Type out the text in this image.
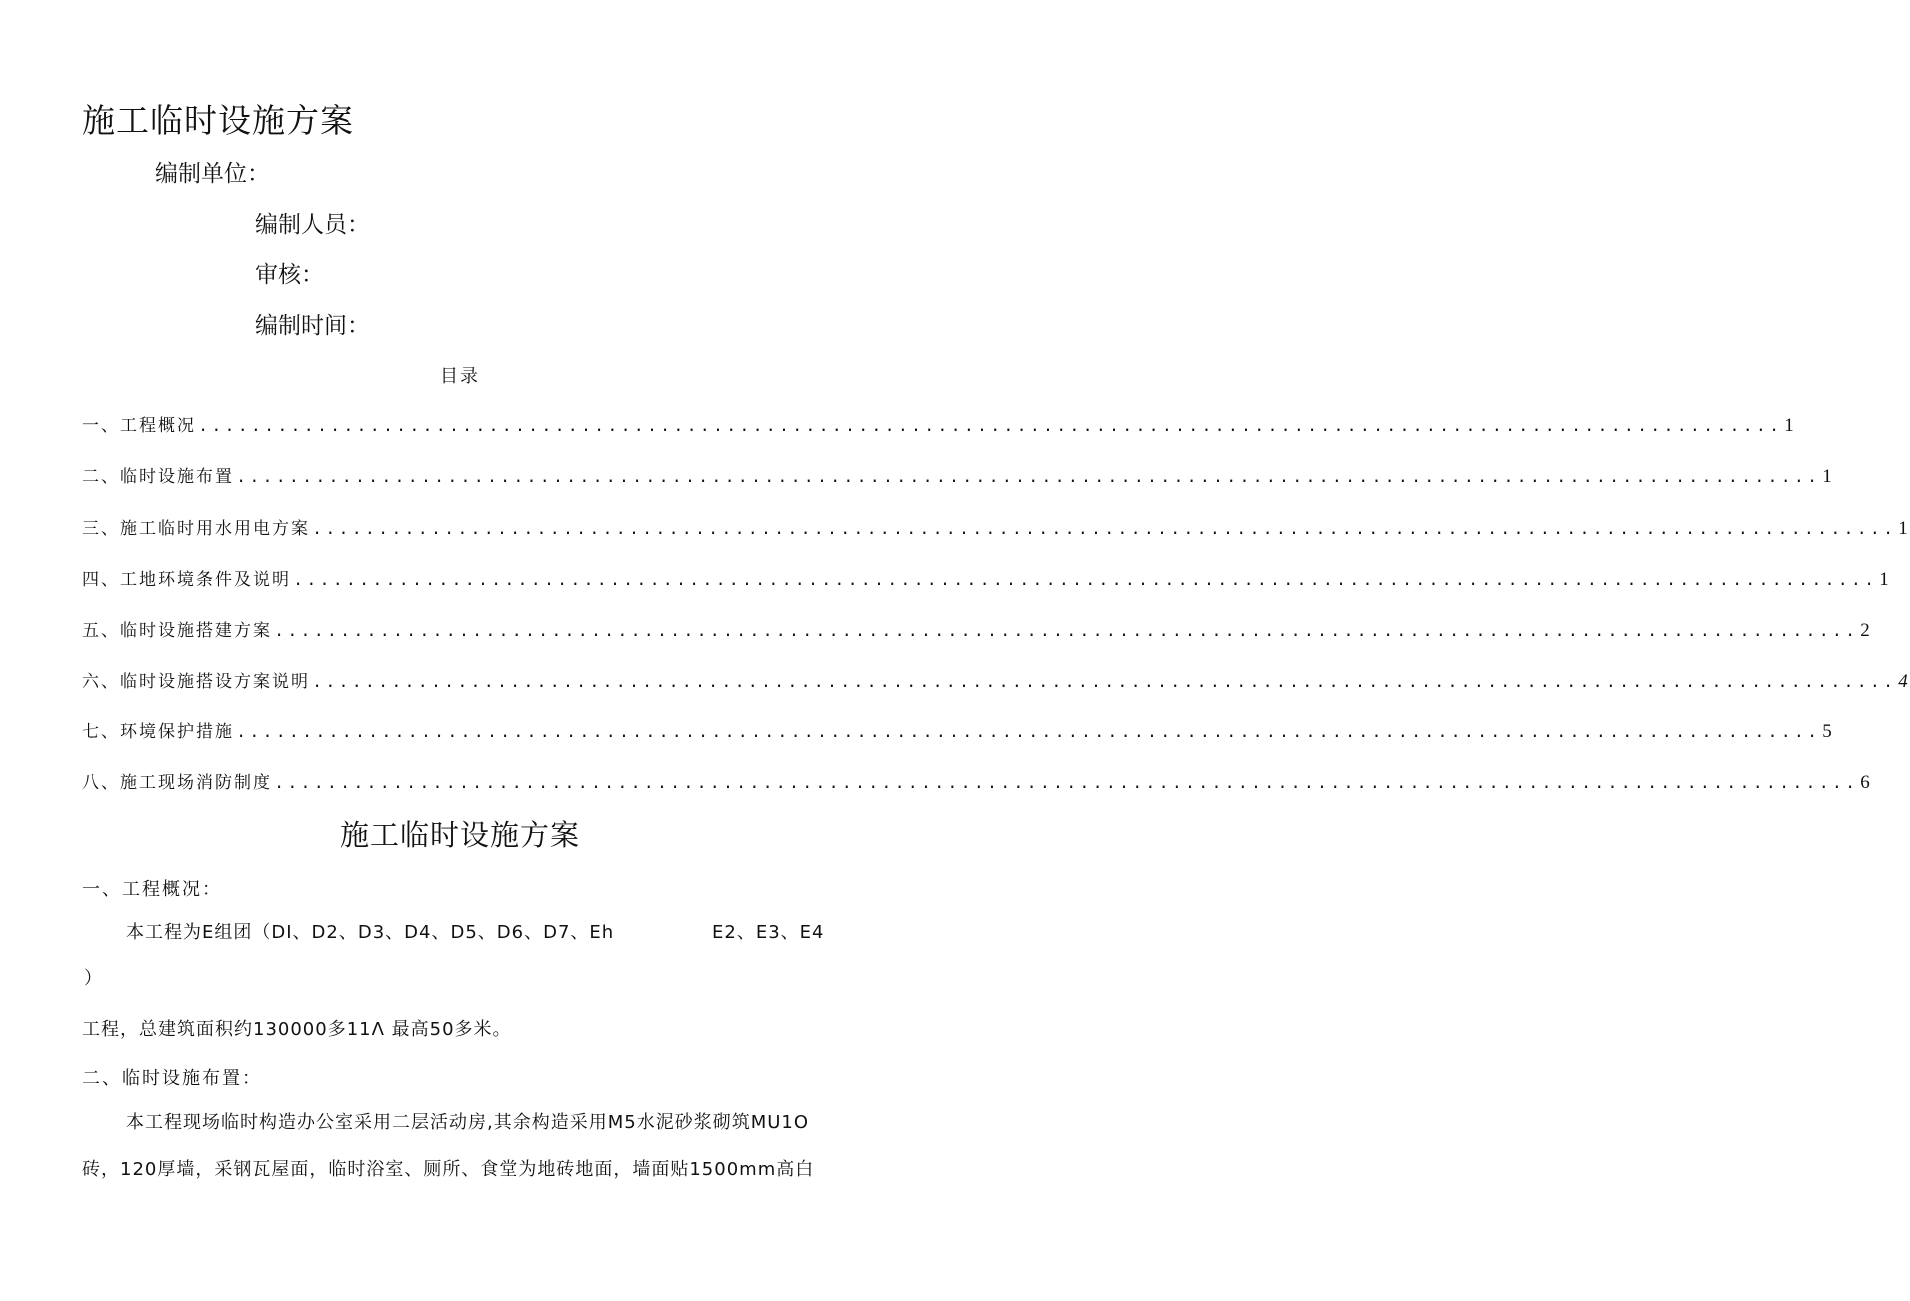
施工临时设施方案
编制单位：
编制人员：
审核：
编制时间：
目录
一、工程概况 ........................................................................................................................ 1
二、临时设施布置 ........................................................................................................................ 1
三、施工临时用水用电方案 ........................................................................................................................ 1
四、工地环境条件及说明 ........................................................................................................................ 1
五、临时设施搭建方案 ........................................................................................................................ 2
六、临时设施搭设方案说明 ........................................................................................................................ 4
七、环境保护措施 ........................................................................................................................ 5
八、施工现场消防制度 ........................................................................................................................ 6
施工临时设施方案
一、工程概况：
本工程为E组团（DI、D2、D3、D4、D5、D6、D7、Eh	E2、E3、E4
）
工程，总建筑面积约130000多11Λ 最高50多米。
二、临时设施布置：
本工程现场临时构造办公室采用二层活动房,其余构造采用M5水泥砂浆砌筑MU1O
砖，120厚墙，采钢瓦屋面，临时浴室、厕所、食堂为地砖地面，墙面贴1500mm高白
